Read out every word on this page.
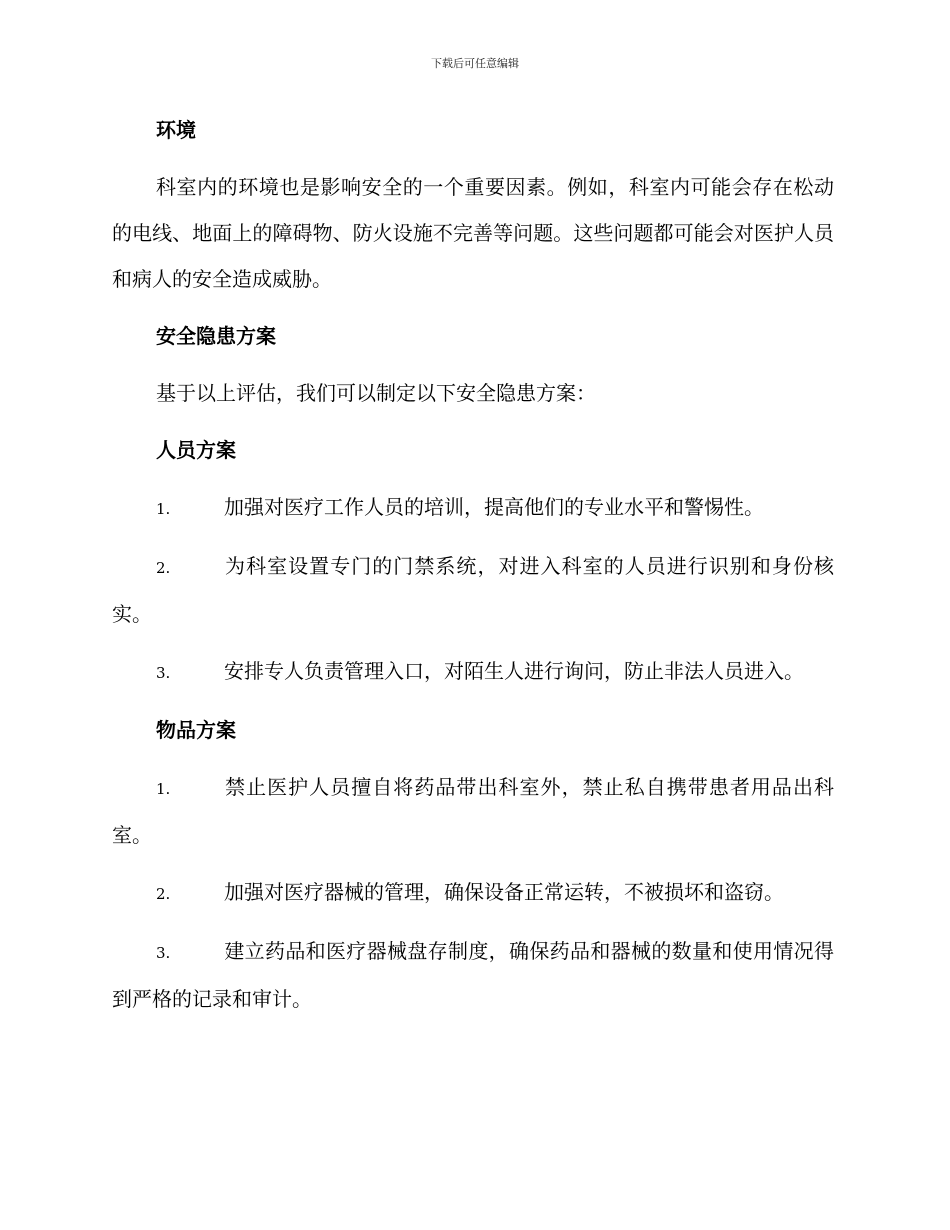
下载后可任意编辑
环境
科室内的环境也是影响安全的一个重要因素。例如，科室内可能会存在松动的电线、地面上的障碍物、防火设施不完善等问题。这些问题都可能会对医护人员和病人的安全造成威胁。
安全隐患方案
基于以上评估，我们可以制定以下安全隐患方案：
人员方案
1.	加强对医疗工作人员的培训，提高他们的专业水平和警惕性。
2.	为科室设置专门的门禁系统，对进入科室的人员进行识别和身份核实。
3.	安排专人负责管理入口，对陌生人进行询问，防止非法人员进入。
物品方案
1.	禁止医护人员擅自将药品带出科室外，禁止私自携带患者用品出科室。
2.	加强对医疗器械的管理，确保设备正常运转，不被损坏和盗窃。
3.	建立药品和医疗器械盘存制度，确保药品和器械的数量和使用情况得到严格的记录和审计。
